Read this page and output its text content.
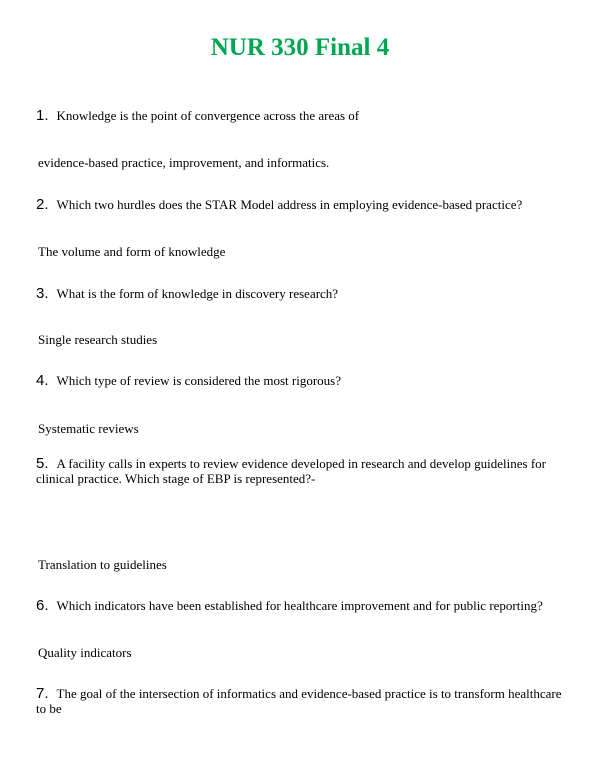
NUR 330 Final 4
1. Knowledge is the point of convergence across the areas of
evidence-based practice, improvement, and informatics.
2. Which two hurdles does the STAR Model address in employing evidence-based practice?
The volume and form of knowledge
3. What is the form of knowledge in discovery research?
Single research studies
4. Which type of review is considered the most rigorous?
Systematic reviews
5. A facility calls in experts to review evidence developed in research and develop guidelines for clinical practice. Which stage of EBP is represented?-
Translation to guidelines
6. Which indicators have been established for healthcare improvement and for public reporting?
Quality indicators
7. The goal of the intersection of informatics and evidence-based practice is to transform healthcare to be
